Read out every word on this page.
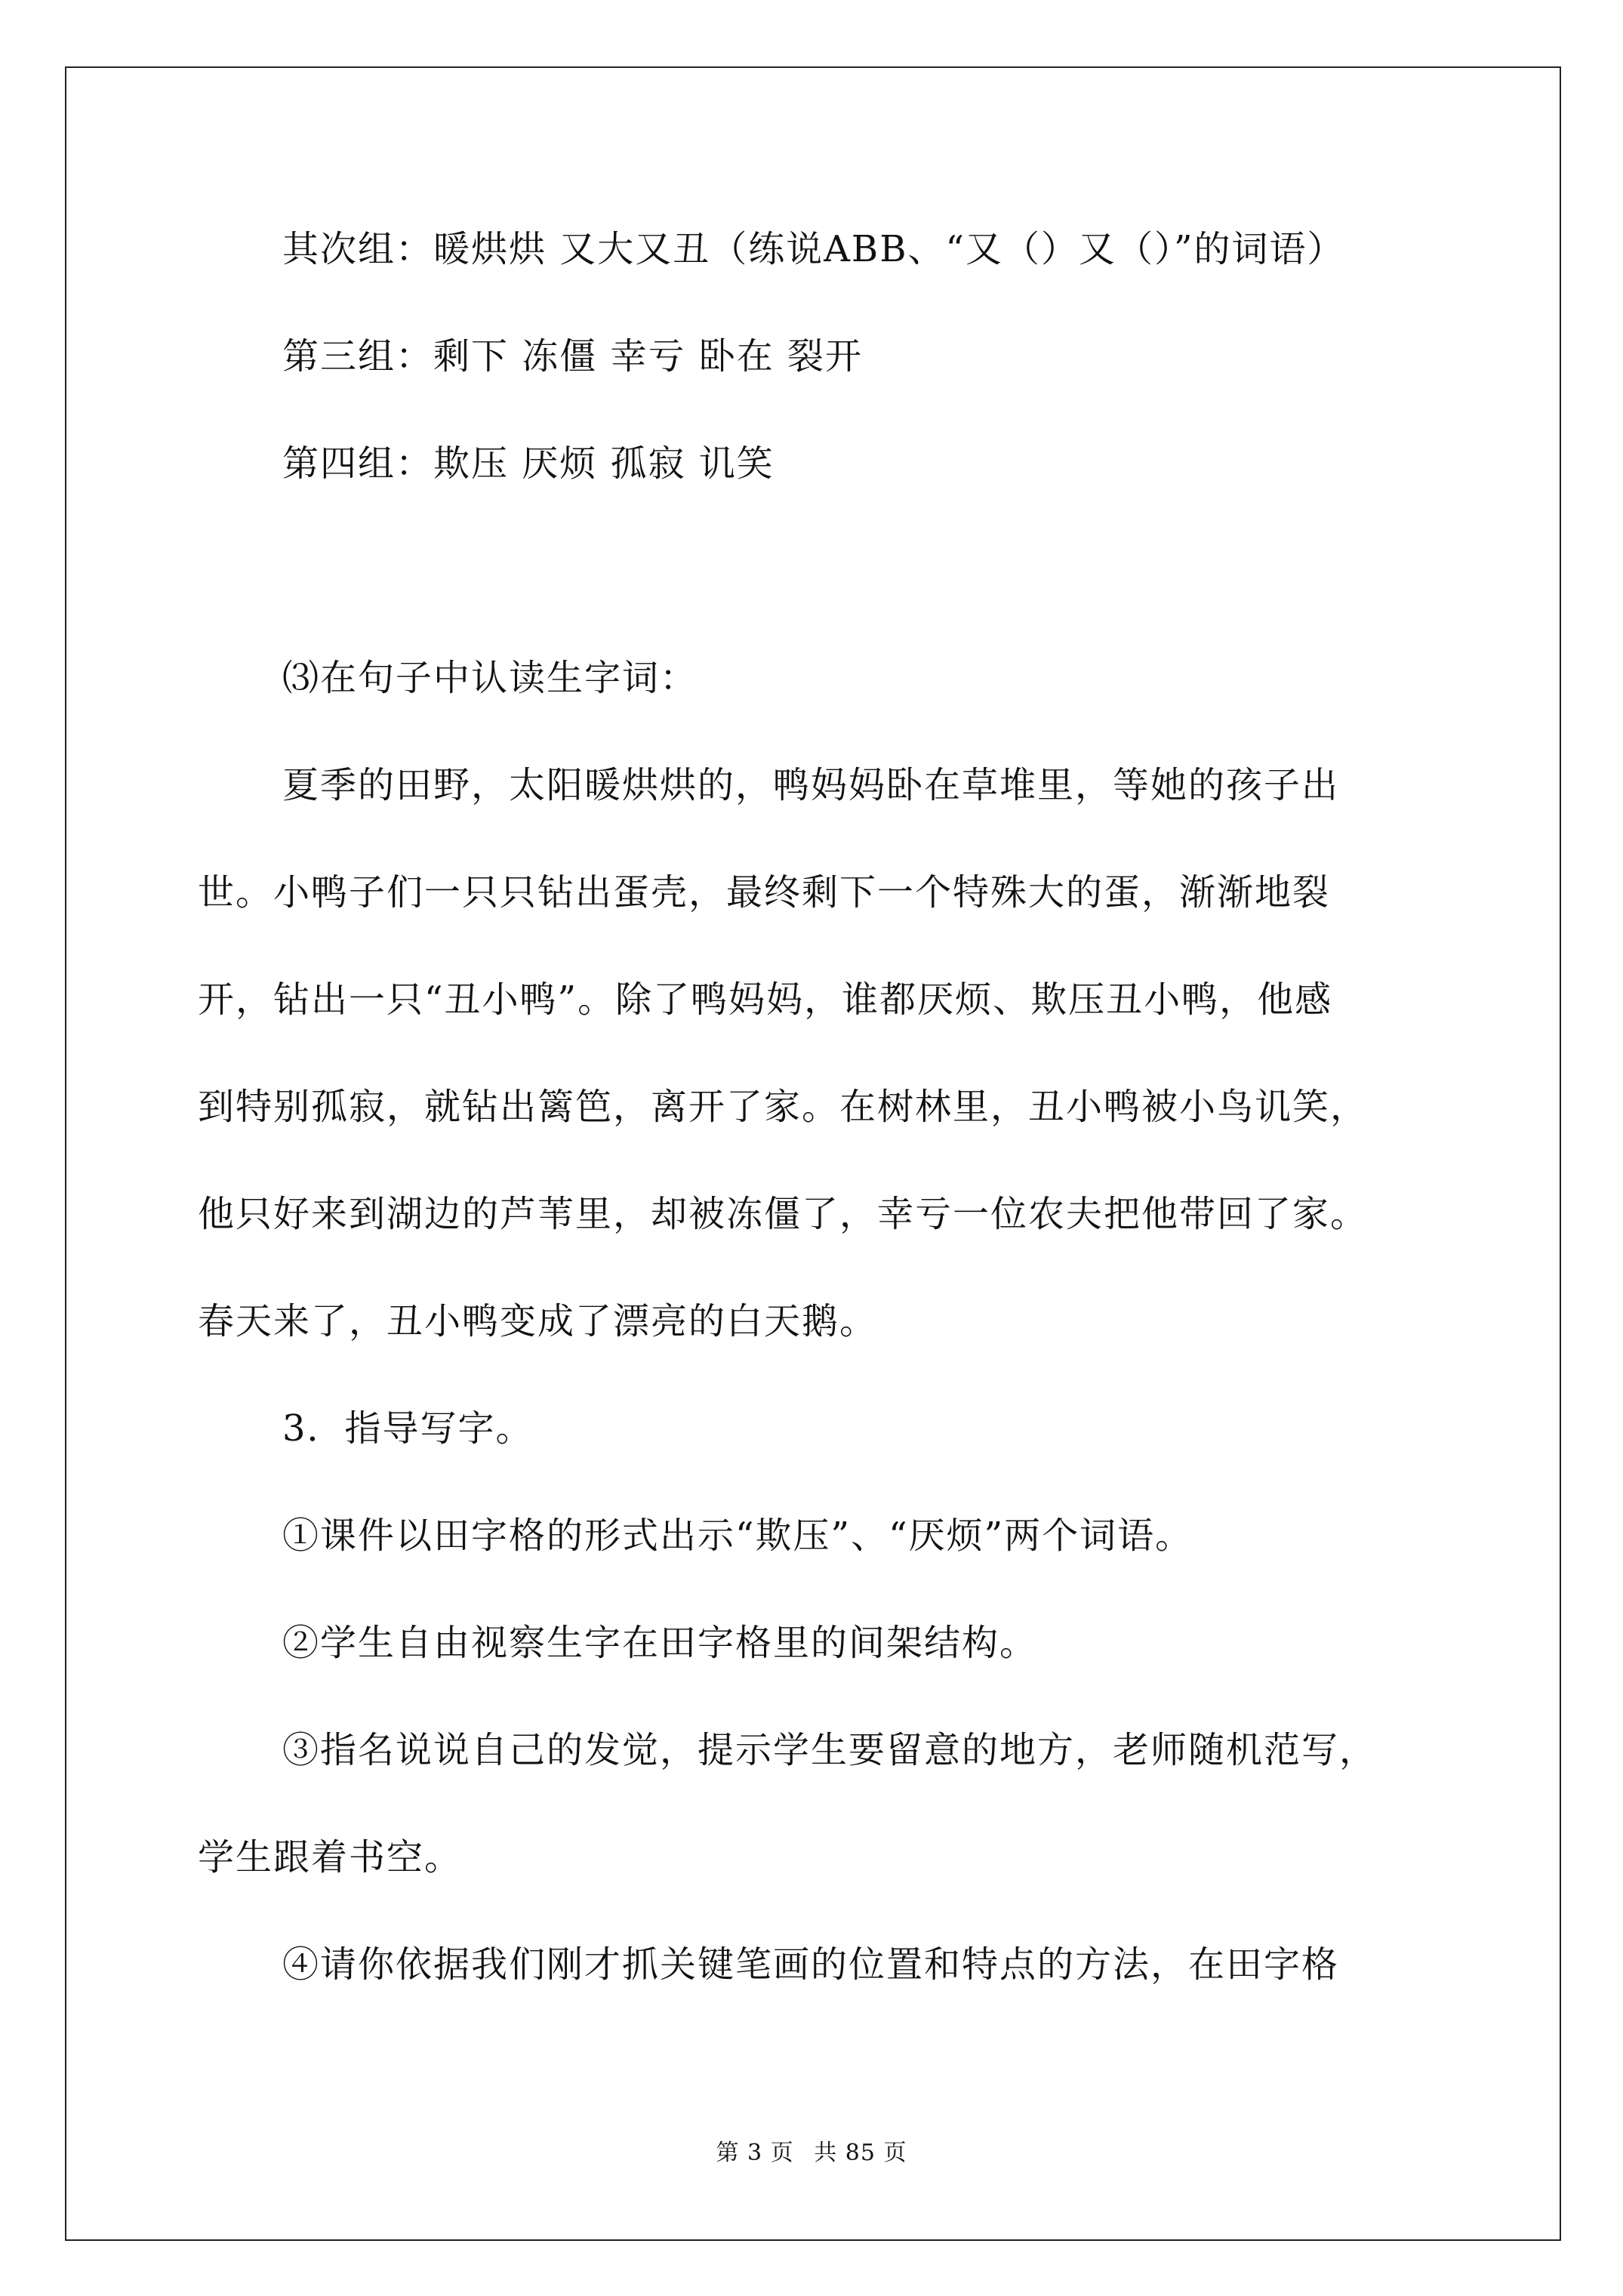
其次组：暖烘烘 又大又丑（练说ABB、“又（）又（）”的词语）
第三组：剩下 冻僵 幸亏 卧在 裂开
第四组：欺压 厌烦 孤寂 讥笑
⑶在句子中认读生字词：
夏季的田野，太阳暖烘烘的，鸭妈妈卧在草堆里，等她的孩子出
世。小鸭子们一只只钻出蛋壳，最终剩下一个特殊大的蛋，渐渐地裂
开，钻出一只“丑小鸭”。除了鸭妈妈，谁都厌烦、欺压丑小鸭，他感
到特别孤寂，就钻出篱笆，离开了家。在树林里，丑小鸭被小鸟讥笑，
他只好来到湖边的芦苇里，却被冻僵了，幸亏一位农夫把他带回了家。
春天来了，丑小鸭变成了漂亮的白天鹅。
3．指导写字。
①课件以田字格的形式出示“欺压”、“厌烦”两个词语。
②学生自由视察生字在田字格里的间架结构。
③指名说说自己的发觉，提示学生要留意的地方，老师随机范写，
学生跟着书空。
④请你依据我们刚才抓关键笔画的位置和特点的方法，在田字格
第 3 页 共 85 页
